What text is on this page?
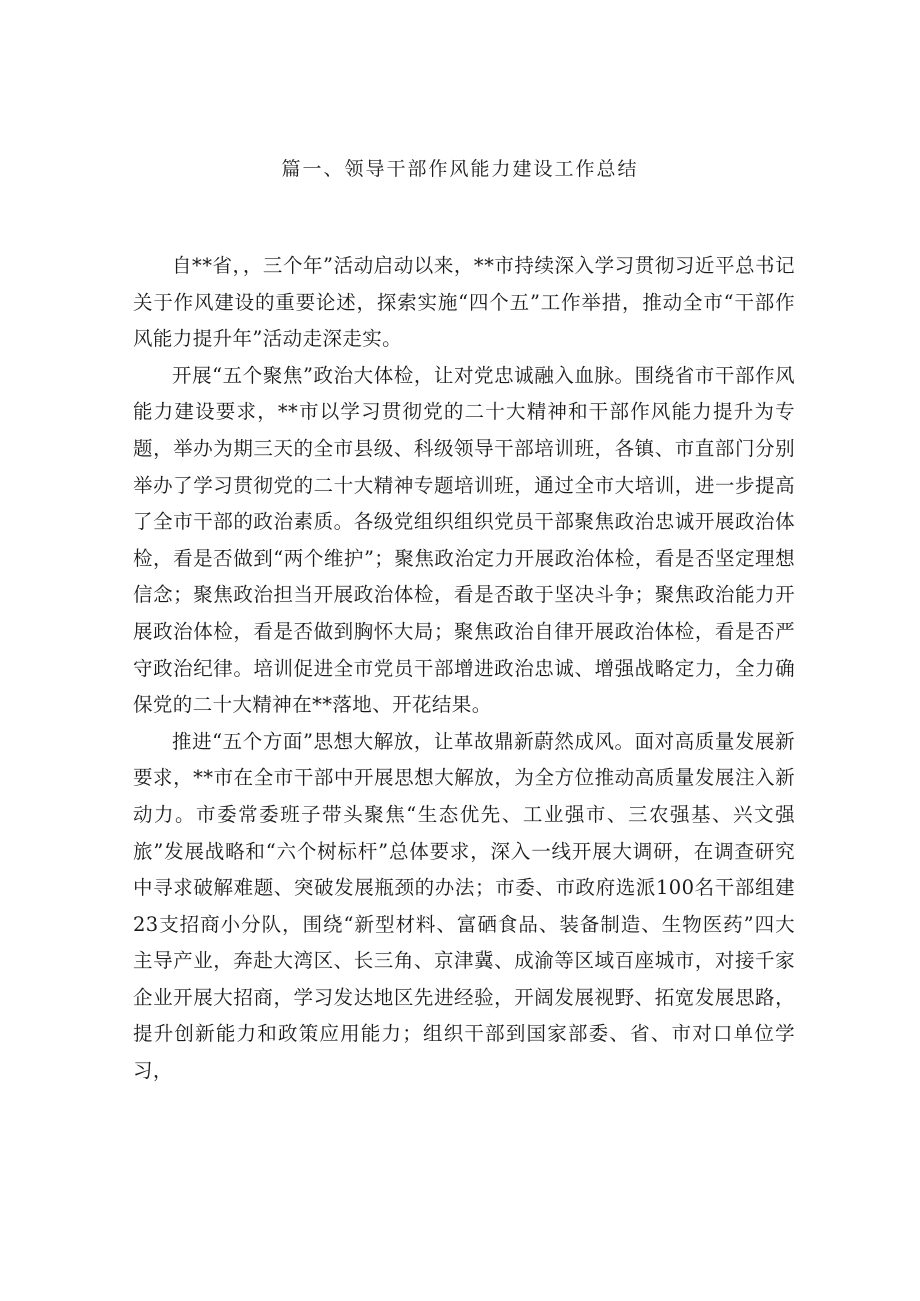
篇一、领导干部作风能力建设工作总结

自**省，，三个年”活动启动以来，**市持续深入学习贯彻习近平总书记关于作风建设的重要论述，探索实施“四个五”工作举措，推动全市“干部作风能力提升年”活动走深走实。

开展“五个聚焦”政治大体检，让对党忠诚融入血脉。围绕省市干部作风能力建设要求，**市以学习贯彻党的二十大精神和干部作风能力提升为专题，举办为期三天的全市县级、科级领导干部培训班，各镇、市直部门分别举办了学习贯彻党的二十大精神专题培训班，通过全市大培训，进一步提高了全市干部的政治素质。各级党组织组织党员干部聚焦政治忠诚开展政治体检，看是否做到“两个维护”；聚焦政治定力开展政治体检，看是否坚定理想信念；聚焦政治担当开展政治体检，看是否敢于坚决斗争；聚焦政治能力开展政治体检，看是否做到胸怀大局；聚焦政治自律开展政治体检，看是否严守政治纪律。培训促进全市党员干部增进政治忠诚、增强战略定力，全力确保党的二十大精神在**落地、开花结果。

推进“五个方面”思想大解放，让革故鼎新蔚然成风。面对高质量发展新要求，**市在全市干部中开展思想大解放，为全方位推动高质量发展注入新动力。市委常委班子带头聚焦“生态优先、工业强市、三农强基、兴文强旅”发展战略和“六个树标杆”总体要求，深入一线开展大调研，在调查研究中寻求破解难题、突破发展瓶颈的办法；市委、市政府选派100名干部组建23支招商小分队，围绕“新型材料、富硒食品、装备制造、生物医药”四大主导产业，奔赴大湾区、长三角、京津冀、成渝等区域百座城市，对接千家企业开展大招商，学习发达地区先进经验，开阔发展视野、拓宽发展思路，提升创新能力和政策应用能力；组织干部到国家部委、省、市对口单位学习，
